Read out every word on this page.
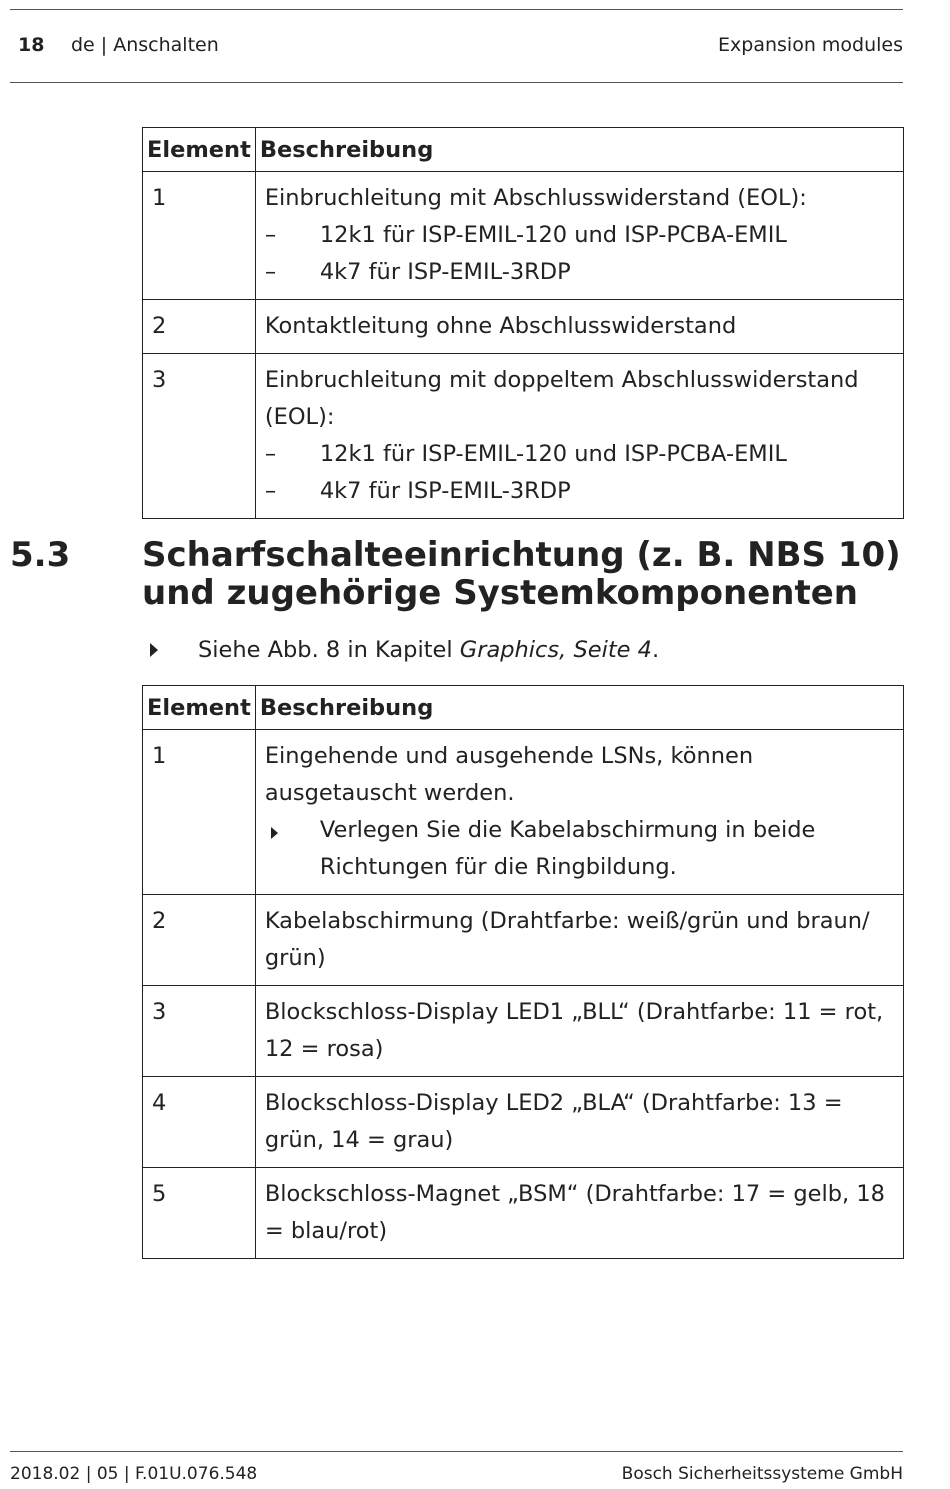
18 de | Anschalten	Expansion modules
Element	Beschreibung
1	Einbruchleitung mit Abschlusswiderstand (EOL):
– 12k1 für ISP-EMIL-120 und ISP-PCBA-EMIL
– 4k7 für ISP-EMIL-3RDP

2	Kontaktleitung ohne Abschlusswiderstand

3	Einbruchleitung mit doppeltem Abschlusswiderstand (EOL):
– 12k1 für ISP-EMIL-120 und ISP-PCBA-EMIL
– 4k7 für ISP-EMIL-3RDP
5.3 Scharfschalteeinrichtung (z. B. NBS 10)
und zugehörige Systemkomponenten
Siehe Abb. 8 in Kapitel Graphics, Seite 4.
Element	Beschreibung
1	Eingehende und ausgehende LSNs, können ausgetauscht werden.
Verlegen Sie die Kabelabschirmung in beide Richtungen für die Ringbildung.

2	Kabelabschirmung (Drahtfarbe: weiß/grün und braun/ grün)
3	Blockschloss-Display LED1 „BLL“ (Drahtfarbe: 11 = rot, 12 = rosa)
4	Blockschloss-Display LED2 „BLA“ (Drahtfarbe: 13 = grün, 14 = grau)
5	Blockschloss-Magnet „BSM“ (Drahtfarbe: 17 = gelb, 18 = blau/rot)
2018.02 | 05 | F.01U.076.548	Bosch Sicherheitssysteme GmbH
